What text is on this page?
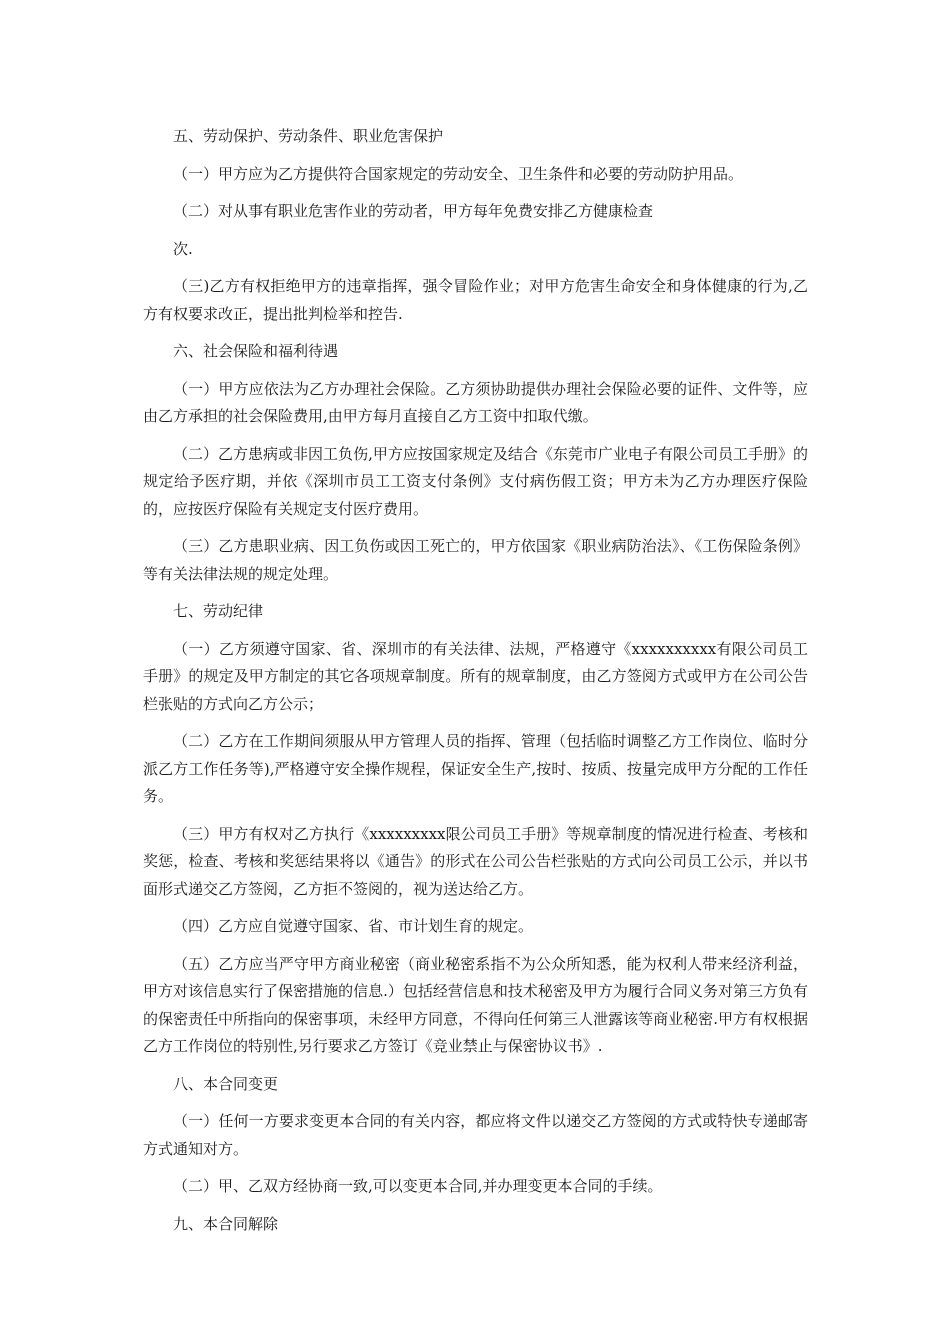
五、劳动保护、劳动条件、职业危害保护

（一）甲方应为乙方提供符合国家规定的劳动安全、卫生条件和必要的劳动防护用品。

（二）对从事有职业危害作业的劳动者，甲方每年免费安排乙方健康检查

次.

（三)乙方有权拒绝甲方的违章指挥，强令冒险作业；对甲方危害生命安全和身体健康的行为,乙方有权要求改正，提出批判检举和控告.

六、社会保险和福利待遇

（一）甲方应依法为乙方办理社会保险。乙方须协助提供办理社会保险必要的证件、文件等，应由乙方承担的社会保险费用,由甲方每月直接自乙方工资中扣取代缴。

（二）乙方患病或非因工负伤,甲方应按国家规定及结合《东莞市广业电子有限公司员工手册》的规定给予医疗期，并依《深圳市员工工资支付条例》支付病伤假工资；甲方未为乙方办理医疗保险的，应按医疗保险有关规定支付医疗费用。

（三）乙方患职业病、因工负伤或因工死亡的，甲方依国家《职业病防治法》、《工伤保险条例》等有关法律法规的规定处理。

七、劳动纪律

（一）乙方须遵守国家、省、深圳市的有关法律、法规，严格遵守《xxxxxxxxxx有限公司员工手册》的规定及甲方制定的其它各项规章制度。所有的规章制度，由乙方签阅方式或甲方在公司公告栏张贴的方式向乙方公示；

（二）乙方在工作期间须服从甲方管理人员的指挥、管理（包括临时调整乙方工作岗位、临时分派乙方工作任务等),严格遵守安全操作规程，保证安全生产,按时、按质、按量完成甲方分配的工作任务。

（三）甲方有权对乙方执行《xxxxxxxxx限公司员工手册》等规章制度的情况进行检查、考核和奖惩，检查、考核和奖惩结果将以《通告》的形式在公司公告栏张贴的方式向公司员工公示，并以书面形式递交乙方签阅，乙方拒不签阅的，视为送达给乙方。

（四）乙方应自觉遵守国家、省、市计划生育的规定。

（五）乙方应当严守甲方商业秘密（商业秘密系指不为公众所知悉，能为权利人带来经济利益，甲方对该信息实行了保密措施的信息.）包括经营信息和技术秘密及甲方为履行合同义务对第三方负有的保密责任中所指向的保密事项，未经甲方同意，不得向任何第三人泄露该等商业秘密.甲方有权根据乙方工作岗位的特别性,另行要求乙方签订《竞业禁止与保密协议书》.

八、本合同变更

（一）任何一方要求变更本合同的有关内容，都应将文件以递交乙方签阅的方式或特快专递邮寄方式通知对方。

（二）甲、乙双方经协商一致,可以变更本合同,并办理变更本合同的手续。

九、本合同解除
